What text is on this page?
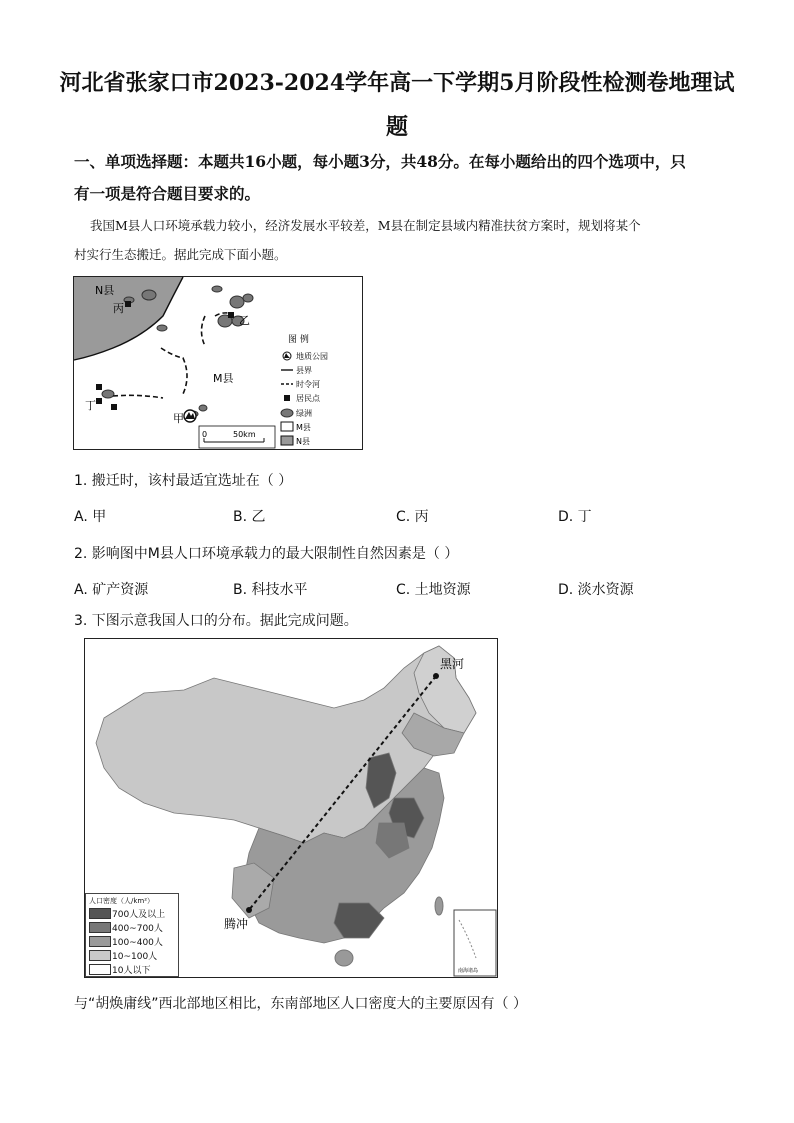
河北省张家口市2023-2024学年高一下学期5月阶段性检测卷地理试
题
一、单项选择题：本题共16小题，每小题3分，共48分。在每小题给出的四个选项中，只
有一项是符合题目要求的。
我国M县人口环境承载力较小，经济发展水平较差，M县在制定县域内精准扶贫方案时，规划将某个
村实行生态搬迁。据此完成下面小题。
N县
丙
乙
M县
丁
甲
0	50km
图 例
地质公园
县界
时令河
居民点
绿洲
M县
N县
1. 搬迁时，该村最适宜选址在（ ）
A. 甲	B. 乙	C. 丙	D. 丁
2. 影响图中M县人口环境承载力的最大限制性自然因素是（ ）
A. 矿产资源	B. 科技水平	C. 土地资源	D. 淡水资源
3. 下图示意我国人口的分布。据此完成问题。
黑河
腾冲
南海诸岛
人口密度（人/km²）
700人及以上
400~700人
100~400人
10~100人
10人以下
与“胡焕庸线”西北部地区相比，东南部地区人口密度大的主要原因有（ ）
